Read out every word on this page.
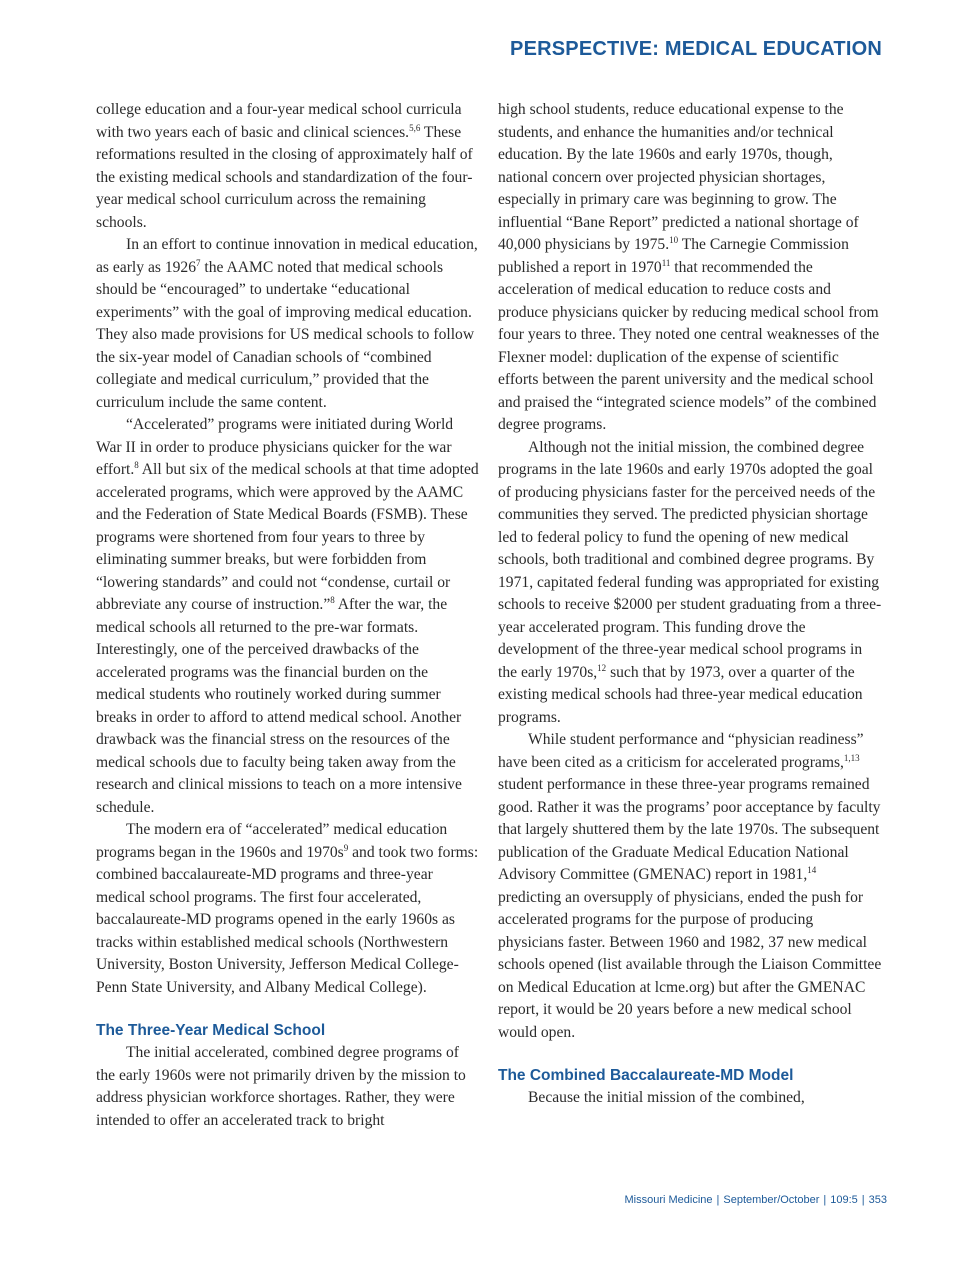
PERSPECTIVE: MEDICAL EDUCATION

college education and a four-year medical school curricula with two years each of basic and clinical sciences.$^{5,6}$ These reformations resulted in the closing of approximately half of the existing medical schools and standardization of the four-year medical school curriculum across the remaining schools.

In an effort to continue innovation in medical education, as early as 1926$^7$ the AAMC noted that medical schools should be “encouraged” to undertake “educational experiments” with the goal of improving medical education. They also made provisions for US medical schools to follow the six-year model of Canadian schools of “combined collegiate and medical curriculum,” provided that the curriculum include the same content.

“Accelerated” programs were initiated during World War II in order to produce physicians quicker for the war effort.$^8$ All but six of the medical schools at that time adopted accelerated programs, which were approved by the AAMC and the Federation of State Medical Boards (FSMB). These programs were shortened from four years to three by eliminating summer breaks, but were forbidden from “lowering standards” and could not “condense, curtail or abbreviate any course of instruction.”$^8$ After the war, the medical schools all returned to the pre-war formats. Interestingly, one of the perceived drawbacks of the accelerated programs was the financial burden on the medical students who routinely worked during summer breaks in order to afford to attend medical school. Another drawback was the financial stress on the resources of the medical schools due to faculty being taken away from the research and clinical missions to teach on a more intensive schedule.

The modern era of “accelerated” medical education programs began in the 1960s and $1970s^9$ and took two forms: combined baccalaureate-MD programs and three-year medical school programs. The first four accelerated, baccalaureate-MD programs opened in the early 1960s as tracks within established medical schools (Northwestern University, Boston University, Jefferson Medical College-Penn State University, and Albany Medical College).

The Three-Year Medical School

The initial accelerated, combined degree programs of the early 1960s were not primarily driven by the mission to address physician workforce shortages. Rather, they were intended to offer an accelerated track to bright

high school students, reduce educational expense to the students, and enhance the humanities and/or technical education. By the late 1960s and early 1970s, though, national concern over projected physician shortages, especially in primary care was beginning to grow. The influential “Bane Report” predicted a national shortage of 40,000 physicians by 1975.10 The Carnegie Commission published a report in 1970$^{11}$ that recommended the acceleration of medical education to reduce costs and produce physicians quicker by reducing medical school from four years to three. They noted one central weaknesses of the Flexner model: duplication of the expense of scientific efforts between the parent university and the medical school and praised the “integrated science models” of the combined degree programs.

Although not the initial mission, the combined degree programs in the late 1960s and early 1970s adopted the goal of producing physicians faster for the perceived needs of the communities they served. The predicted physician shortage led to federal policy to fund the opening of new medical schools, both traditional and combined degree programs. By 1971, capitated federal funding was appropriated for existing schools to receive $2000 per student graduating from a three-year accelerated program. This funding drove the development of the three-year medical school programs in the early 1970s,$^{12}$ such that by 1973, over a quarter of the existing medical schools had three-year medical education programs.

While student performance and “physician readiness” have been cited as a criticism for accelerated programs,$^{1,13}$ student performance in these three-year programs remained good. Rather it was the programs’ poor acceptance by faculty that largely shuttered them by the late 1970s. The subsequent publication of the Graduate Medical Education National Advisory Committee (GMENAC) report in 1981,14 predicting an oversupply of physicians, ended the push for accelerated programs for the purpose of producing physicians faster. Between 1960 and 1982, 37 new medical schools opened (list available through the Liaison Committee on Medical Education at lcme.org) but after the GMENAC report, it would be 20 years before a new medical school would open.

The Combined Baccalaureate-MD Model

Because the initial mission of the combined,

Missouri Medicine | September/October | 109:5 | 353
